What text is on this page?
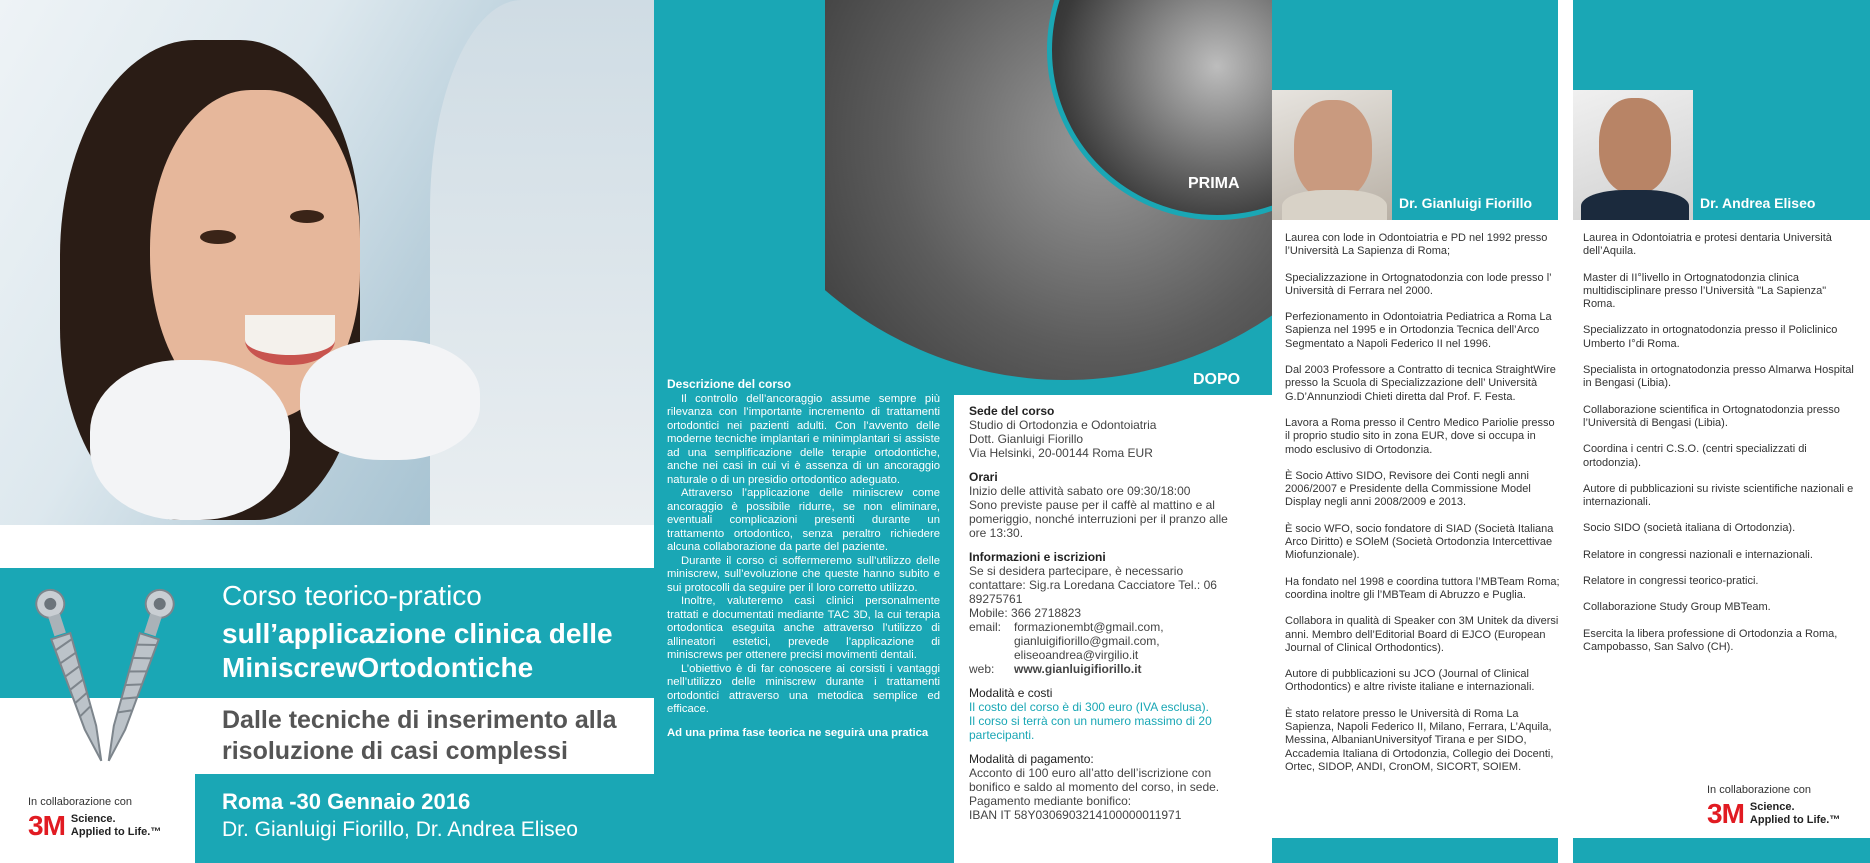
Corso teorico-pratico
sull’applicazione clinica delle MiniscrewOrtodontiche
Dalle tecniche di inserimento alla risoluzione di casi complessi
Roma -30 Gennaio 2016
Dr. Gianluigi Fiorillo, Dr. Andrea Eliseo
In collaborazione con
3M Science.
Applied to Life.™
PRIMA
DOPO
Descrizione del corso

Il controllo dell’ancoraggio assume sempre più rilevanza con l’importante incremento di trattamenti ortodontici nei pazienti adulti. Con l’avvento delle moderne tecniche implantari e minimplantari si assiste ad una semplificazione delle terapie ortodontiche, anche nei casi in cui vi è assenza di un ancoraggio naturale o di un presidio ortodontico adeguato.

Attraverso l’applicazione delle miniscrew come ancoraggio è possibile ridurre, se non eliminare, eventuali complicazioni presenti durante un trattamento ortodontico, senza peraltro richiedere alcuna collaborazione da parte del paziente.

Durante il corso ci soffermeremo sull’utilizzo delle miniscrew, sull’evoluzione che queste hanno subito e sui protocolli da seguire per il loro corretto utilizzo.

Inoltre, valuteremo casi clinici personalmente trattati e documentati mediante TAC 3D, la cui terapia ortodontica eseguita anche attraverso l’utilizzo di allineatori estetici, prevede l’applicazione di miniscrews per ottenere precisi movimenti dentali.

L’obiettivo è di far conoscere ai corsisti i vantaggi nell’utilizzo delle miniscrew durante i trattamenti ortodontici attraverso una metodica semplice ed efficace.

Ad una prima fase teorica ne seguirà una pratica

Sede del corso
Studio di Ortodonzia e Odontoiatria
Dott. Gianluigi Fiorillo
Via Helsinki, 20-00144 Roma EUR
Orari
Inizio delle attività sabato ore 09:30/18:00
Sono previste pause per il caffè al mattino e al pomeriggio, nonché interruzioni per il pranzo alle ore 13:30.
Informazioni e iscrizioni
Se si desidera partecipare, è necessario contattare: Sig.ra Loredana Cacciatore Tel.: 06 89275761
Mobile: 366 2718823
email:	formazionembt@gmail.com,
gianluigifiorillo@gmail.com,
eliseoandrea@virgilio.it
web:	www.gianluigifiorillo.it
Modalità e costi
Il costo del corso è di 300 euro (IVA esclusa).
Il corso si terrà con un numero massimo di 20 partecipanti.
Modalità di pagamento:
Acconto di 100 euro all’atto dell’iscrizione con bonifico e saldo al momento del corso, in sede.
Pagamento mediante bonifico:
IBAN IT 58Y0306903214100000011971
Dr. Gianluigi Fiorillo
Laurea con lode in Odontoiatria e PD nel 1992 presso l’Università La Sapienza di Roma;
Specializzazione in Ortognatodonzia con lode presso l’ Università di Ferrara nel 2000.
Perfezionamento in Odontoiatria Pediatrica a Roma La Sapienza nel 1995 e in Ortodonzia Tecnica dell’Arco Segmentato a Napoli Federico II nel 1996.
Dal 2003 Professore a Contratto di tecnica StraightWire presso la Scuola di Specializzazione dell’ Università G.D’Annunziodi Chieti diretta dal Prof. F. Festa.
Lavora a Roma presso il Centro Medico Pariolie presso il proprio studio sito in zona EUR, dove si occupa in modo esclusivo di Ortodonzia.
È Socio Attivo SIDO, Revisore dei Conti negli anni 2006/2007 e Presidente della Commissione Model Display negli anni 2008/2009 e 2013.
È socio WFO, socio fondatore di SIAD (Società Italiana Arco Diritto) e SOleM (Società Ortodonzia Intercettivae Miofunzionale).
Ha fondato nel 1998 e coordina tuttora l’MBTeam Roma; coordina inoltre gli l’MBTeam di Abruzzo e Puglia.
Collabora in qualità di Speaker con 3M Unitek da diversi anni. Membro dell’Editorial Board di EJCO (European Journal of Clinical Orthodontics).
Autore di pubblicazioni su JCO (Journal of Clinical Orthodontics) e altre riviste italiane e internazionali.
È stato relatore presso le Università di Roma La Sapienza, Napoli Federico II, Milano, Ferrara, L’Aquila, Messina, AlbanianUniversityof Tirana e per SIDO, Accademia Italiana di Ortodonzia, Collegio dei Docenti, Ortec, SIDOP, ANDI, CronOM, SICORT, SOIEM.
Dr. Andrea Eliseo
Laurea in Odontoiatria e protesi dentaria Università dell’Aquila.
Master di II°livello in Ortognatodonzia clinica multidisciplinare presso l’Università "La Sapienza" Roma.
Specializzato in ortognatodonzia presso il Policlinico Umberto I°di Roma.
Specialista in ortognatodonzia presso Almarwa Hospital in Bengasi (Libia).
Collaborazione scientifica in Ortognatodonzia presso l’Università di Bengasi (Libia).
Coordina i centri C.S.O. (centri specializzati di ortodonzia).
Autore di pubblicazioni su riviste scientifiche nazionali e internazionali.
Socio SIDO (società italiana di Ortodonzia).
Relatore in congressi nazionali e internazionali.
Relatore in congressi teorico-pratici.
Collaborazione Study Group MBTeam.
Esercita la libera professione di Ortodonzia a Roma, Campobasso, San Salvo (CH).
In collaborazione con
3M Science.
Applied to Life.™
